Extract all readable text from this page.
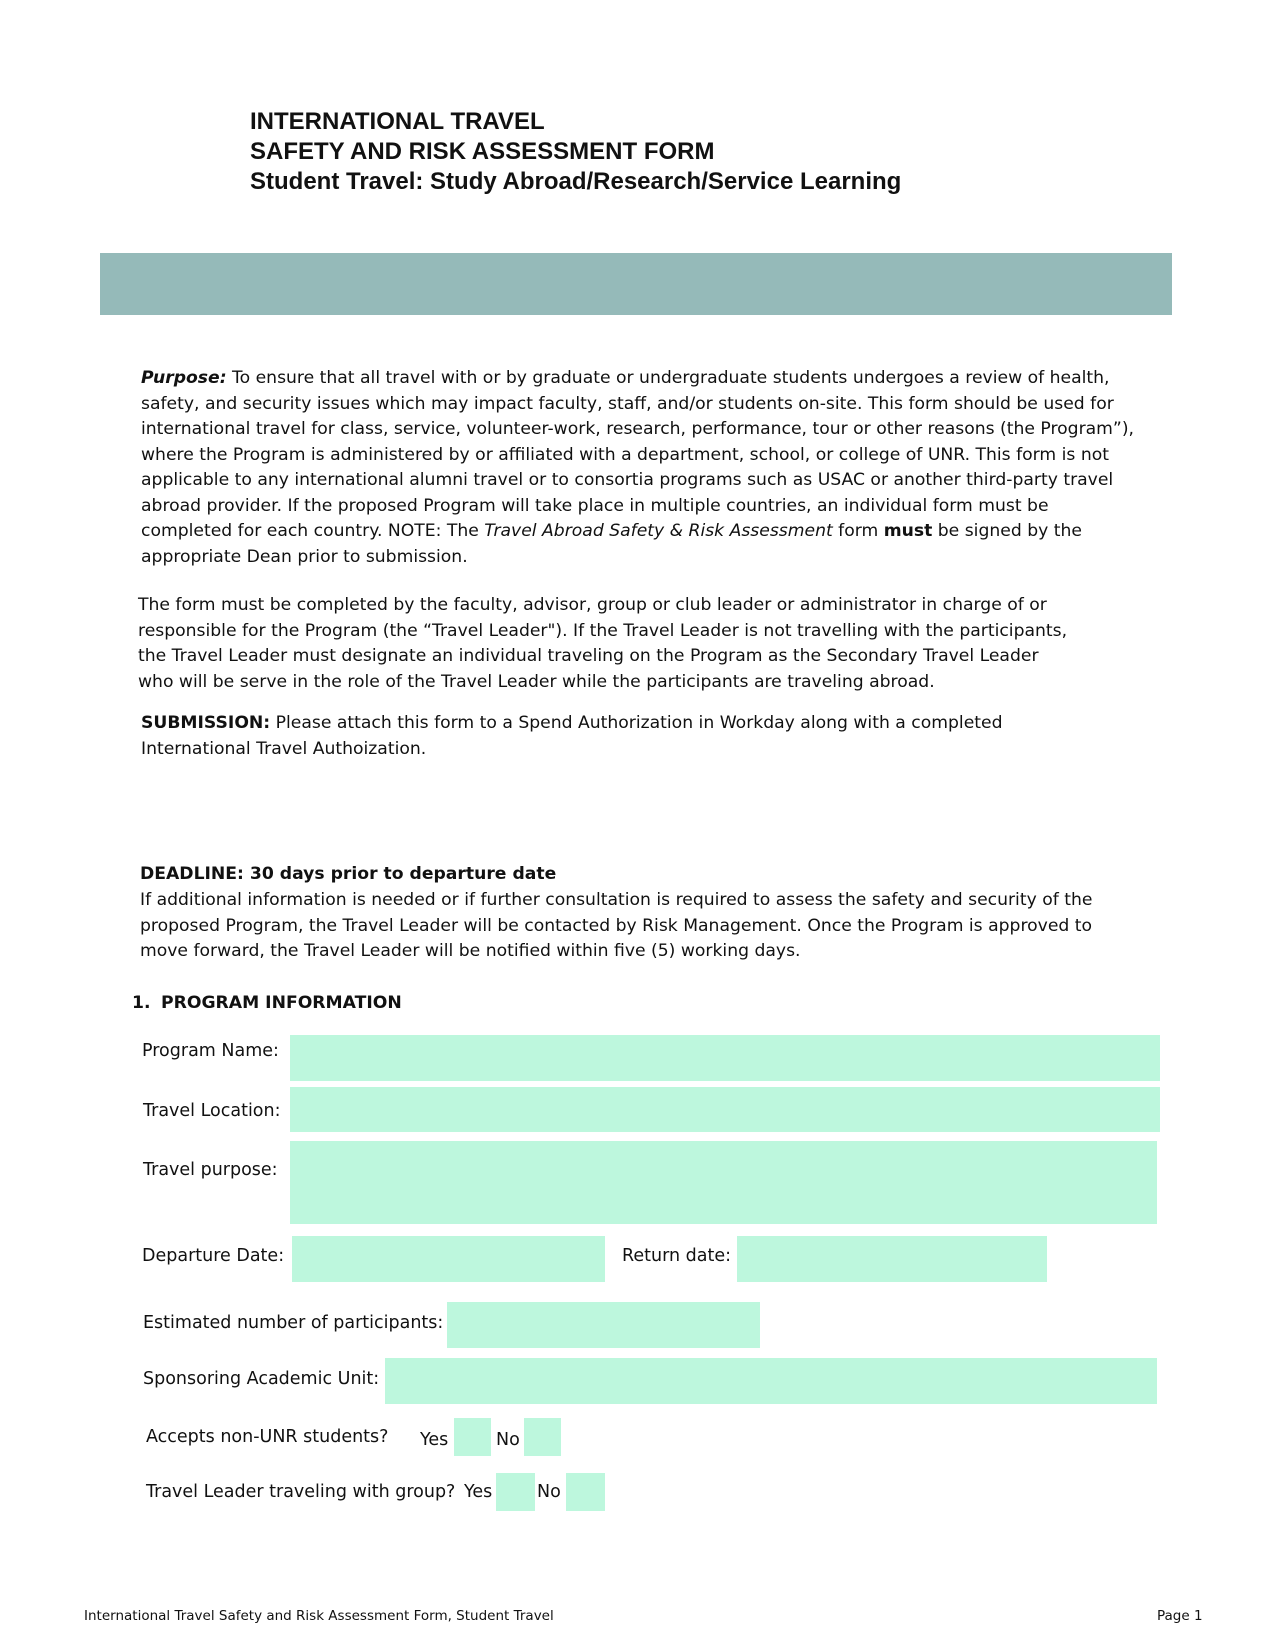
INTERNATIONAL TRAVEL
SAFETY AND RISK ASSESSMENT FORM
Student Travel: Study Abroad/Research/Service Learning

Purpose: To ensure that all travel with or by graduate or undergraduate students undergoes a review of health, safety, and security issues which may impact faculty, staff, and/or students on-site. This form should be used for international travel for class, service, volunteer-work, research, performance, tour or other reasons (the Program”), where the Program is administered by or affiliated with a department, school, or college of UNR. This form is not applicable to any international alumni travel or to consortia programs such as USAC or another third-party travel abroad provider. If the proposed Program will take place in multiple countries, an individual form must be completed for each country. NOTE: The Travel Abroad Safety & Risk Assessment form must be signed by the appropriate Dean prior to submission.

The form must be completed by the faculty, advisor, group or club leader or administrator in charge of or responsible for the Program (the “Travel Leader"). If the Travel Leader is not travelling with the participants, the Travel Leader must designate an individual traveling on the Program as the Secondary Travel Leader who will be serve in the role of the Travel Leader while the participants are traveling abroad.

SUBMISSION: Please attach this form to a Spend Authorization in Workday along with a completed International Travel Authoization.

DEADLINE: 30 days prior to departure date

If additional information is needed or if further consultation is required to assess the safety and security of the proposed Program, the Travel Leader will be contacted by Risk Management. Once the Program is approved to move forward, the Travel Leader will be notified within five (5) working days.

1. PROGRAM INFORMATION
Program Name:
Travel Location:
Travel purpose:
Departure Date:	Return date:
Estimated number of participants:
Sponsoring Academic Unit:
Accepts non-UNR students? Yes	No
Travel Leader traveling with group? Yes	No
International Travel Safety and Risk Assessment Form, Student Travel	Page 1
